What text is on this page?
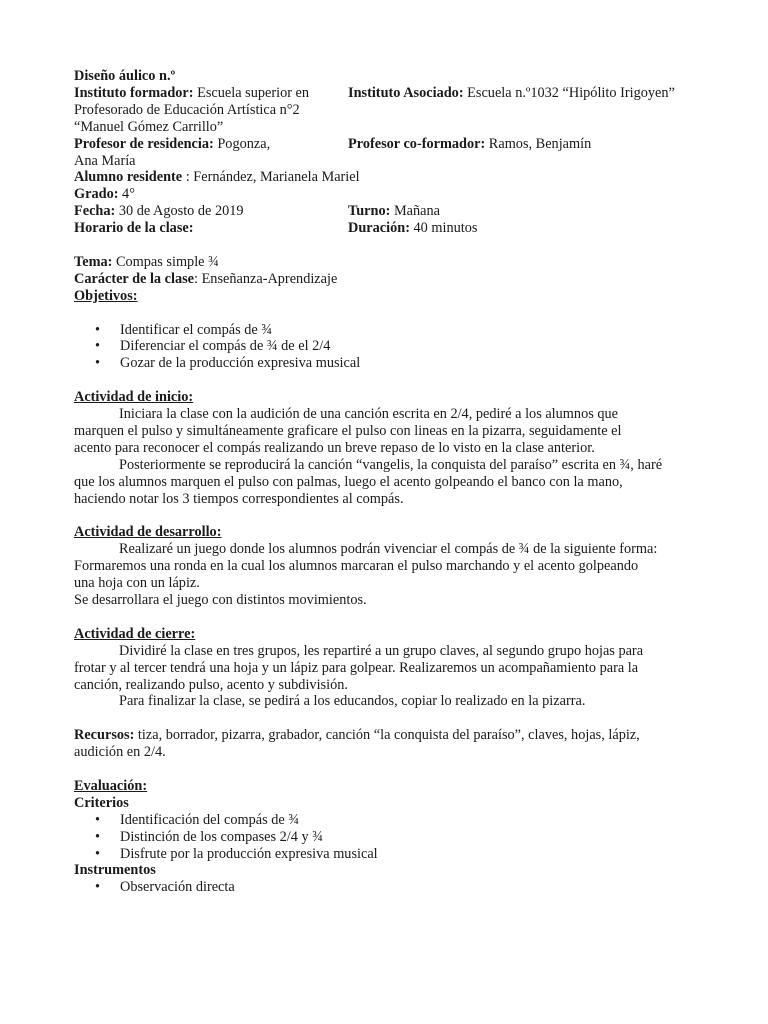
Diseño áulico n.º
Instituto formador: Escuela superior en
Profesorado de Educación Artística n°2
“Manuel Gómez Carrillo”
Instituto Asociado: Escuela n.º1032 “Hipólito Irigoyen”
Profesor de residencia: Pogonza,
Ana María
Profesor co-formador: Ramos, Benjamín
Alumno residente : Fernández, Marianela Mariel
Grado: 4°
Fecha: 30 de Agosto de 2019	Turno: Mañana
Horario de la clase:	Duración: 40 minutos
Tema: Compas simple ¾
Carácter de la clase: Enseñanza-Aprendizaje
Objetivos:
• Identificar el compás de ¾
• Diferenciar el compás de ¾ de el 2/4
• Gozar de la producción expresiva musical
Actividad de inicio:
Iniciara la clase con la audición de una canción escrita en 2/4, pediré a los alumnos que
marquen el pulso y simultáneamente graficare el pulso con lineas en la pizarra, seguidamente el
acento para reconocer el compás realizando un breve repaso de lo visto en la clase anterior.
Posteriormente se reproducirá la canción “vangelis, la conquista del paraíso” escrita en ¾, haré
que los alumnos marquen el pulso con palmas, luego el acento golpeando el banco con la mano,
haciendo notar los 3 tiempos correspondientes al compás.
Actividad de desarrollo:
Realizaré un juego donde los alumnos podrán vivenciar el compás de ¾ de la siguiente forma:
Formaremos una ronda en la cual los alumnos marcaran el pulso marchando y el acento golpeando
una hoja con un lápiz.
Se desarrollara el juego con distintos movimientos.
Actividad de cierre:
Dividiré la clase en tres grupos, les repartiré a un grupo claves, al segundo grupo hojas para
frotar y al tercer tendrá una hoja y un lápiz para golpear. Realizaremos un acompañamiento para la
canción, realizando pulso, acento y subdivisión.
Para finalizar la clase, se pedirá a los educandos, copiar lo realizado en la pizarra.
Recursos: tiza, borrador, pizarra, grabador, canción “la conquista del paraíso”, claves, hojas, lápiz,
audición en 2/4.
Evaluación:
Criterios
• Identificación del compás de ¾
• Distinción de los compases 2/4 y ¾
• Disfrute por la producción expresiva musical
Instrumentos
• Observación directa
